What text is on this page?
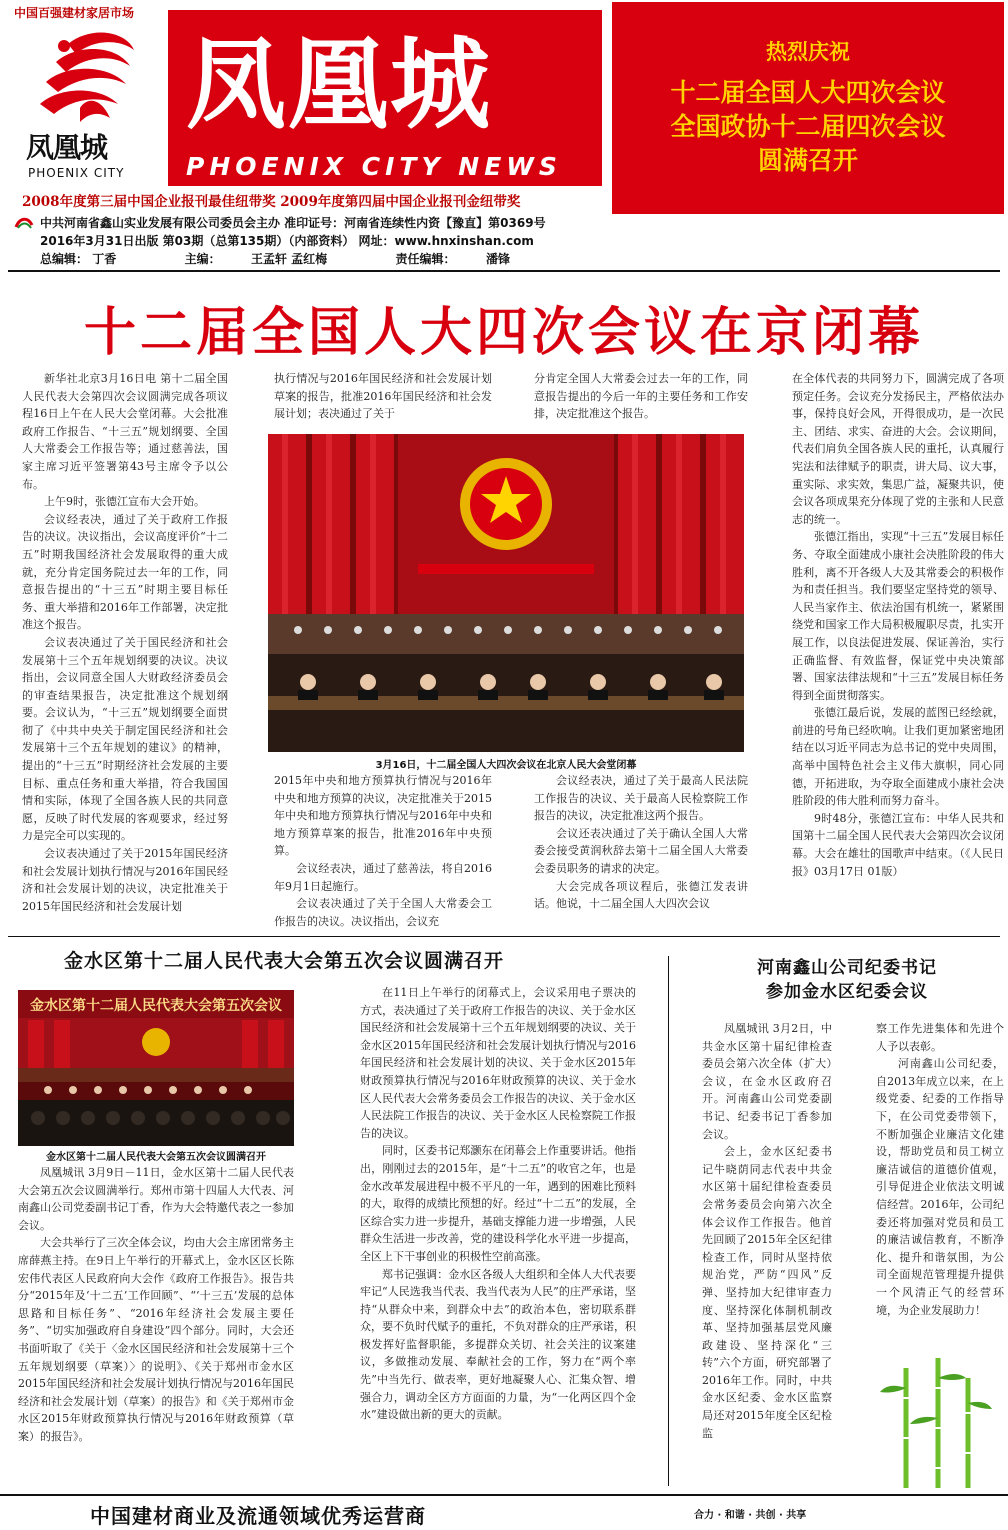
中国百强建材家居市场
凤凰城
PHOENIX CITY
凤凰城
PHOENIX CITY NEWS
热烈庆祝
十二届全国人大四次会议
全国政协十二届四次会议
圆满召开
2008年度第三届中国企业报刊最佳纽带奖 2009年度第四届中国企业报刊金纽带奖
中共河南省鑫山实业发展有限公司委员会主办 准印证号：河南省连续性内资【豫直】第0369号
2016年3月31日出版 第03期（总第135期）（内部资料） 网址：www.hnxinshan.com
总编辑： 丁香	主编：	王孟轩 孟红梅	责任编辑：	潘锋
十二届全国人大四次会议在京闭幕

新华社北京3月16日电 第十二届全国人民代表大会第四次会议圆满完成各项议程16日上午在人民大会堂闭幕。大会批准政府工作报告、“十三五”规划纲要、全国人大常委会工作报告等；通过慈善法，国家主席习近平签署第43号主席令予以公布。

上午9时，张德江宣布大会开始。

会议经表决，通过了关于政府工作报告的决议。决议指出，会议高度评价“十二五”时期我国经济社会发展取得的重大成就，充分肯定国务院过去一年的工作，同意报告提出的“十三五”时期主要目标任务、重大举措和2016年工作部署，决定批准这个报告。

会议表决通过了关于国民经济和社会发展第十三个五年规划纲要的决议。决议指出，会议同意全国人大财政经济委员会的审查结果报告，决定批准这个规划纲要。会议认为，“十三五”规划纲要全面贯彻了《中共中央关于制定国民经济和社会发展第十三个五年规划的建议》的精神，提出的“十三五”时期经济社会发展的主要目标、重点任务和重大举措，符合我国国情和实际，体现了全国各族人民的共同意愿，反映了时代发展的客观要求，经过努力是完全可以实现的。

会议表决通过了关于2015年国民经济和社会发展计划执行情况与2016年国民经济和社会发展计划的决议，决定批准关于2015年国民经济和社会发展计划

执行情况与2016年国民经济和社会发展计划草案的报告，批准2016年国民经济和社会发展计划；表决通过了关于

分肯定全国人大常委会过去一年的工作，同意报告提出的今后一年的主要任务和工作安排，决定批准这个报告。

3月16日，十二届全国人大四次会议在北京人民大会堂闭幕

2015年中央和地方预算执行情况与2016年中央和地方预算的决议，决定批准关于2015年中央和地方预算执行情况与2016年中央和地方预算草案的报告，批准2016年中央预算。

会议经表决，通过了慈善法，将自2016年9月1日起施行。

会议表决通过了关于全国人大常委会工作报告的决议。决议指出，会议充

会议经表决，通过了关于最高人民法院工作报告的决议、关于最高人民检察院工作报告的决议，决定批准这两个报告。

会议还表决通过了关于确认全国人大常委会接受黄润秋辞去第十二届全国人大常委会委员职务的请求的决定。

大会完成各项议程后，张德江发表讲话。他说，十二届全国人大四次会议

在全体代表的共同努力下，圆满完成了各项预定任务。会议充分发扬民主，严格依法办事，保持良好会风，开得很成功，是一次民主、团结、求实、奋进的大会。会议期间，代表们肩负全国各族人民的重托，认真履行宪法和法律赋予的职责，讲大局、议大事，重实际、求实效，集思广益，凝聚共识，使会议各项成果充分体现了党的主张和人民意志的统一。

张德江指出，实现“十三五”发展目标任务、夺取全面建成小康社会决胜阶段的伟大胜利，离不开各级人大及其常委会的积极作为和责任担当。我们要坚定坚持党的领导、人民当家作主、依法治国有机统一，紧紧围绕党和国家工作大局积极履职尽责，扎实开展工作，以良法促进发展、保证善治，实行正确监督、有效监督，保证党中央决策部署、国家法律法规和“十三五”发展目标任务得到全面贯彻落实。

张德江最后说，发展的蓝图已经绘就，前进的号角已经吹响。让我们更加紧密地团结在以习近平同志为总书记的党中央周围，高举中国特色社会主义伟大旗帜，同心同德，开拓进取，为夺取全面建成小康社会决胜阶段的伟大胜利而努力奋斗。

9时48分，张德江宣布：中华人民共和国第十二届全国人民代表大会第四次会议闭幕。大会在雄壮的国歌声中结束。（《人民日报》03月17日 01版）

金水区第十二届人民代表大会第五次会议圆满召开
金水区第十二届人民代表大会第五次会议
金水区第十二届人民代表大会第五次会议圆满召开

凤凰城讯 3月9日－11日，金水区第十二届人民代表大会第五次会议圆满举行。郑州市第十四届人大代表、河南鑫山公司党委副书记丁香，作为大会特邀代表之一参加会议。

大会共举行了三次全体会议，均由大会主席团常务主席薛燕主持。在9日上午举行的开幕式上，金水区区长陈宏伟代表区人民政府向大会作《政府工作报告》。报告共分“2015年及‘十二五’工作回顾”、“‘十三五’发展的总体思路和目标任务”、“2016年经济社会发展主要任务”、“切实加强政府自身建设”四个部分。同时，大会还书面听取了《关于〈金水区国民经济和社会发展第十三个五年规划纲要（草案）〉的说明》、《关于郑州市金水区2015年国民经济和社会发展计划执行情况与2016年国民经济和社会发展计划（草案）的报告》和《关于郑州市金水区2015年财政预算执行情况与2016年财政预算（草案）的报告》。

在11日上午举行的闭幕式上，会议采用电子票决的方式，表决通过了关于政府工作报告的决议、关于金水区国民经济和社会发展第十三个五年规划纲要的决议、关于金水区2015年国民经济和社会发展计划执行情况与2016年国民经济和社会发展计划的决议、关于金水区2015年财政预算执行情况与2016年财政预算的决议、关于金水区人民代表大会常务委员会工作报告的决议、关于金水区人民法院工作报告的决议、关于金水区人民检察院工作报告的决议。

同时，区委书记郑灏东在闭幕会上作重要讲话。他指出，刚刚过去的2015年，是“十二五”的收官之年，也是金水改革发展进程中极不平凡的一年，遇到的困难比预料的大，取得的成绩比预想的好。经过“十二五”的发展，全区综合实力进一步提升，基础支撑能力进一步增强，人民群众生活进一步改善，党的建设科学化水平进一步提高，全区上下干事创业的积极性空前高涨。

郑书记强调：金水区各级人大组织和全体人大代表要牢记“人民选我当代表、我当代表为人民”的庄严承诺，坚持“从群众中来，到群众中去”的政治本色，密切联系群众，要不负时代赋予的重托，不负对群众的庄严承诺，积极发挥好监督职能，多提群众关切、社会关注的议案建议，多做推动发展、奉献社会的工作，努力在“两个率先”中当先行、做表率，更好地凝聚人心、汇集众智、增强合力，调动全区方方面面的力量，为“一化两区四个金水”建设做出新的更大的贡献。

河南鑫山公司纪委书记
参加金水区纪委会议

凤凰城讯 3月2日，中共金水区第十届纪律检查委员会第六次全体（扩大）会议，在金水区政府召开。河南鑫山公司党委副书记、纪委书记丁香参加会议。

会上，金水区纪委书记牛晓荫同志代表中共金水区第十届纪律检查委员会常务委员会向第六次全体会议作工作报告。他首先回顾了2015年全区纪律检查工作，同时从坚持依规治党，严防“四风”反弹、坚持加大纪律审查力度、坚持深化体制机制改革、坚持加强基层党风廉政建设、坚持深化“三转”六个方面，研究部署了2016年工作。同时，中共金水区纪委、金水区监察局还对2015年度全区纪检监

察工作先进集体和先进个人予以表彰。

河南鑫山公司纪委，自2013年成立以来，在上级党委、纪委的工作指导下，在公司党委带领下，不断加强企业廉洁文化建设，帮助党员和员工树立廉洁诚信的道德价值观，引导促进企业依法文明诚信经营。2016年，公司纪委还将加强对党员和员工的廉洁诚信教育，不断净化、提升和谐氛围，为公司全面规范管理提升提供一个风清正气的经营环境，为企业发展助力！

中国建材商业及流通领域优秀运营商	合力 · 和谐 · 共创 · 共享
